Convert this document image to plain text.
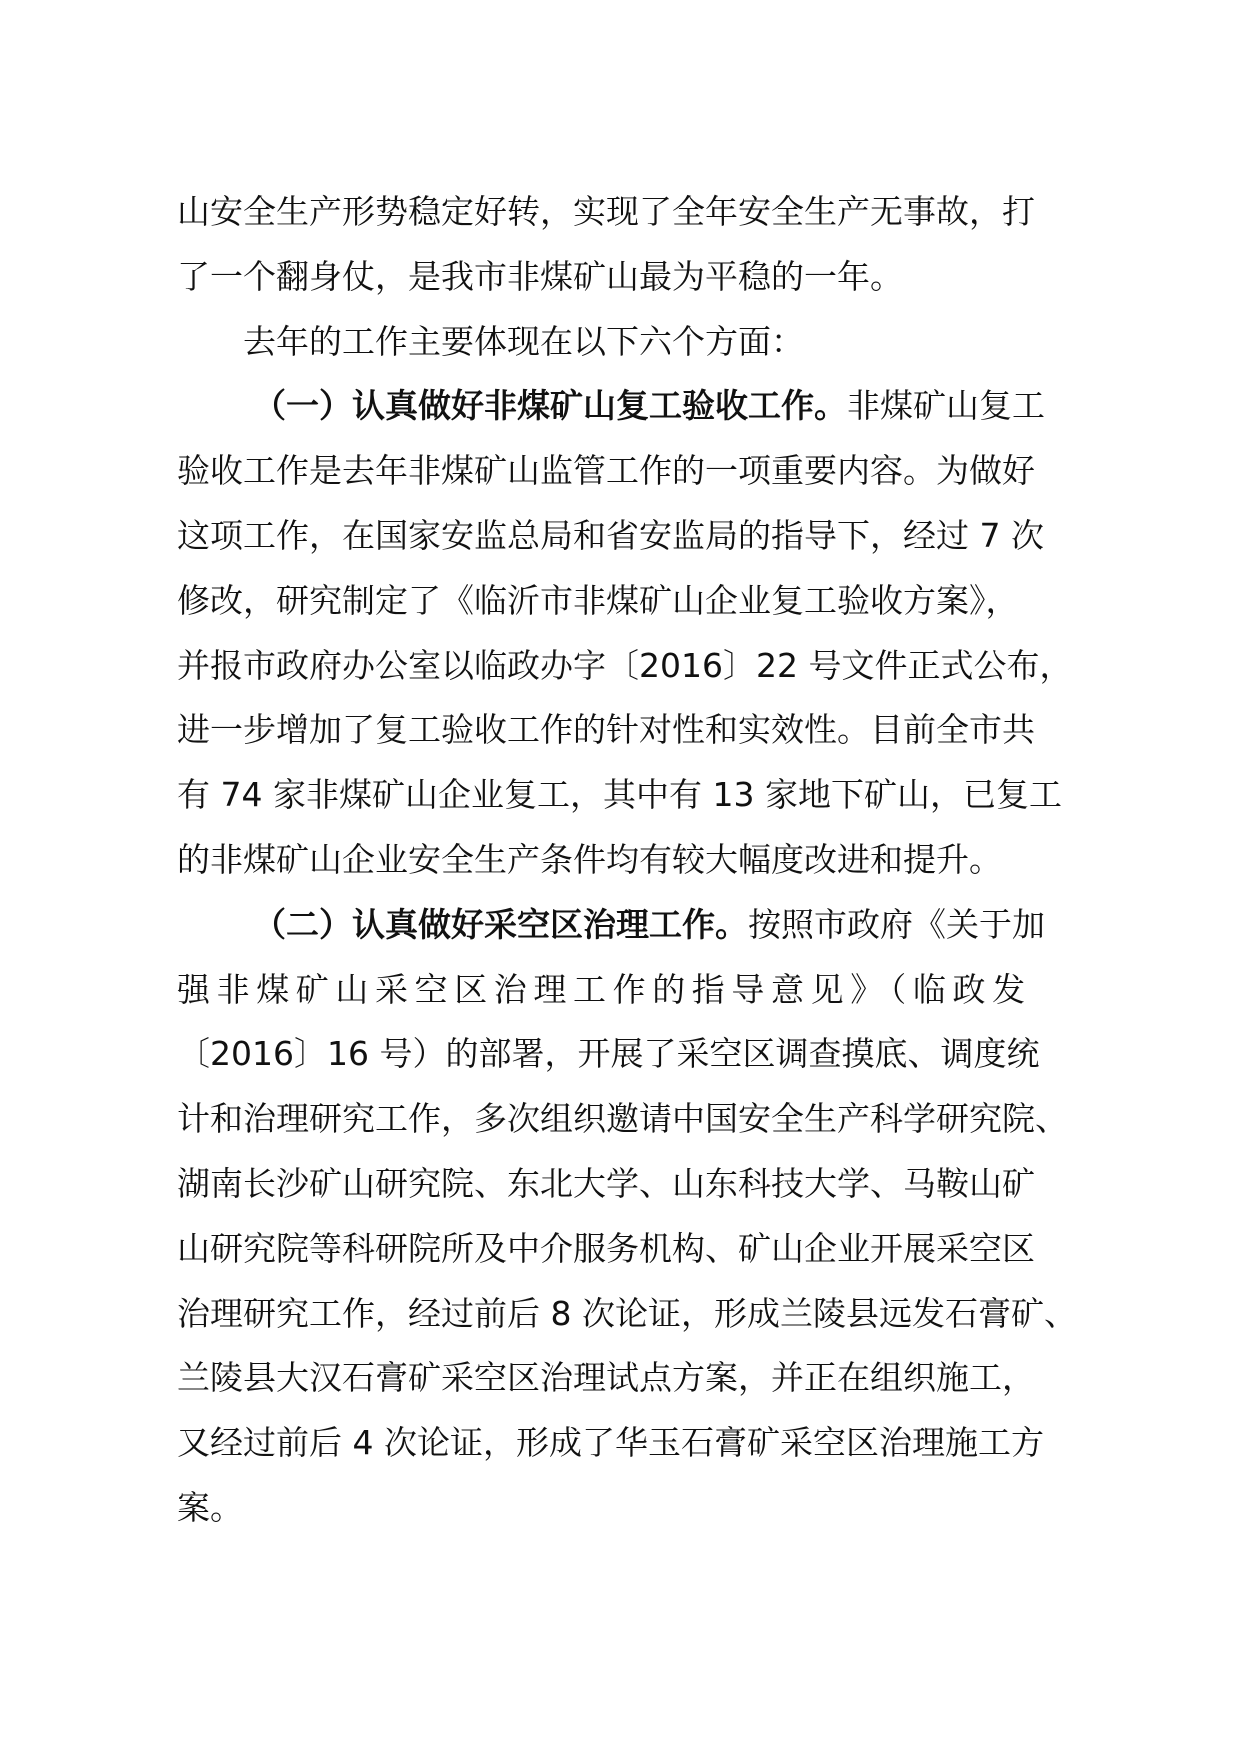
山安全生产形势稳定好转，实现了全年安全生产无事故，打
了一个翻身仗，是我市非煤矿山最为平稳的一年。
去年的工作主要体现在以下六个方面：
（一）认真做好非煤矿山复工验收工作。非煤矿山复工
验收工作是去年非煤矿山监管工作的一项重要内容。为做好
这项工作，在国家安监总局和省安监局的指导下，经过 7 次
修改，研究制定了《临沂市非煤矿山企业复工验收方案》，
并报市政府办公室以临政办字〔2016〕22 号文件正式公布，
进一步增加了复工验收工作的针对性和实效性。目前全市共
有 74 家非煤矿山企业复工，其中有 13 家地下矿山，已复工
的非煤矿山企业安全生产条件均有较大幅度改进和提升。
（二）认真做好采空区治理工作。按照市政府《关于加
强非煤矿山采空区治理工作的指导意见》（临政发
〔2016〕16 号）的部署，开展了采空区调查摸底、调度统
计和治理研究工作，多次组织邀请中国安全生产科学研究院、
湖南长沙矿山研究院、东北大学、山东科技大学、马鞍山矿
山研究院等科研院所及中介服务机构、矿山企业开展采空区
治理研究工作，经过前后 8 次论证，形成兰陵县远发石膏矿、
兰陵县大汉石膏矿采空区治理试点方案，并正在组织施工，
又经过前后 4 次论证，形成了华玉石膏矿采空区治理施工方
案。
